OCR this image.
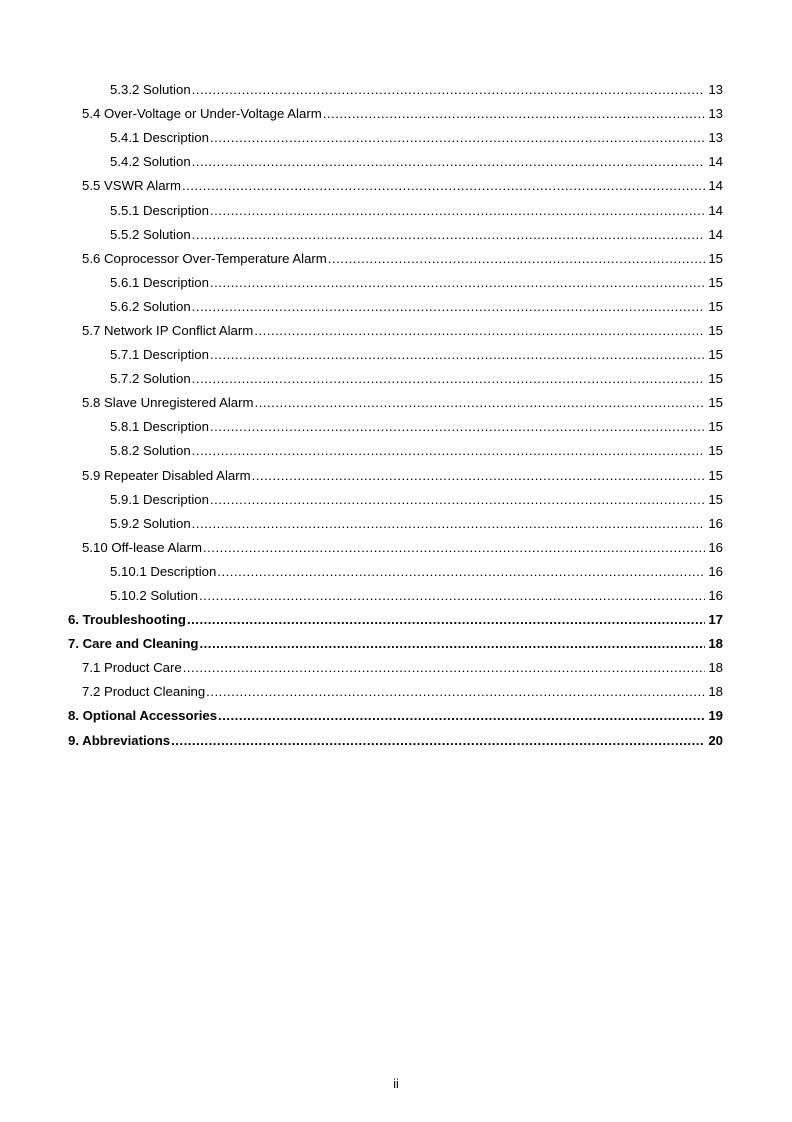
5.3.2 Solution .....	13
5.4 Over-Voltage or Under-Voltage Alarm .....	13
5.4.1 Description .....	13
5.4.2 Solution .....	14
5.5 VSWR Alarm .....	14
5.5.1 Description .....	14
5.5.2 Solution .....	14
5.6 Coprocessor Over-Temperature Alarm .....	15
5.6.1 Description .....	15
5.6.2 Solution .....	15
5.7 Network IP Conflict Alarm .....	15
5.7.1 Description .....	15
5.7.2 Solution .....	15
5.8 Slave Unregistered Alarm .....	15
5.8.1 Description .....	15
5.8.2 Solution .....	15
5.9 Repeater Disabled Alarm .....	15
5.9.1 Description .....	15
5.9.2 Solution .....	16
5.10 Off-lease Alarm .....	16
5.10.1 Description .....	16
5.10.2 Solution .....	16
6. Troubleshooting .....	17
7. Care and Cleaning .....	18
7.1 Product Care .....	18
7.2 Product Cleaning .....	18
8. Optional Accessories .....	19
9. Abbreviations .....	20
ii
